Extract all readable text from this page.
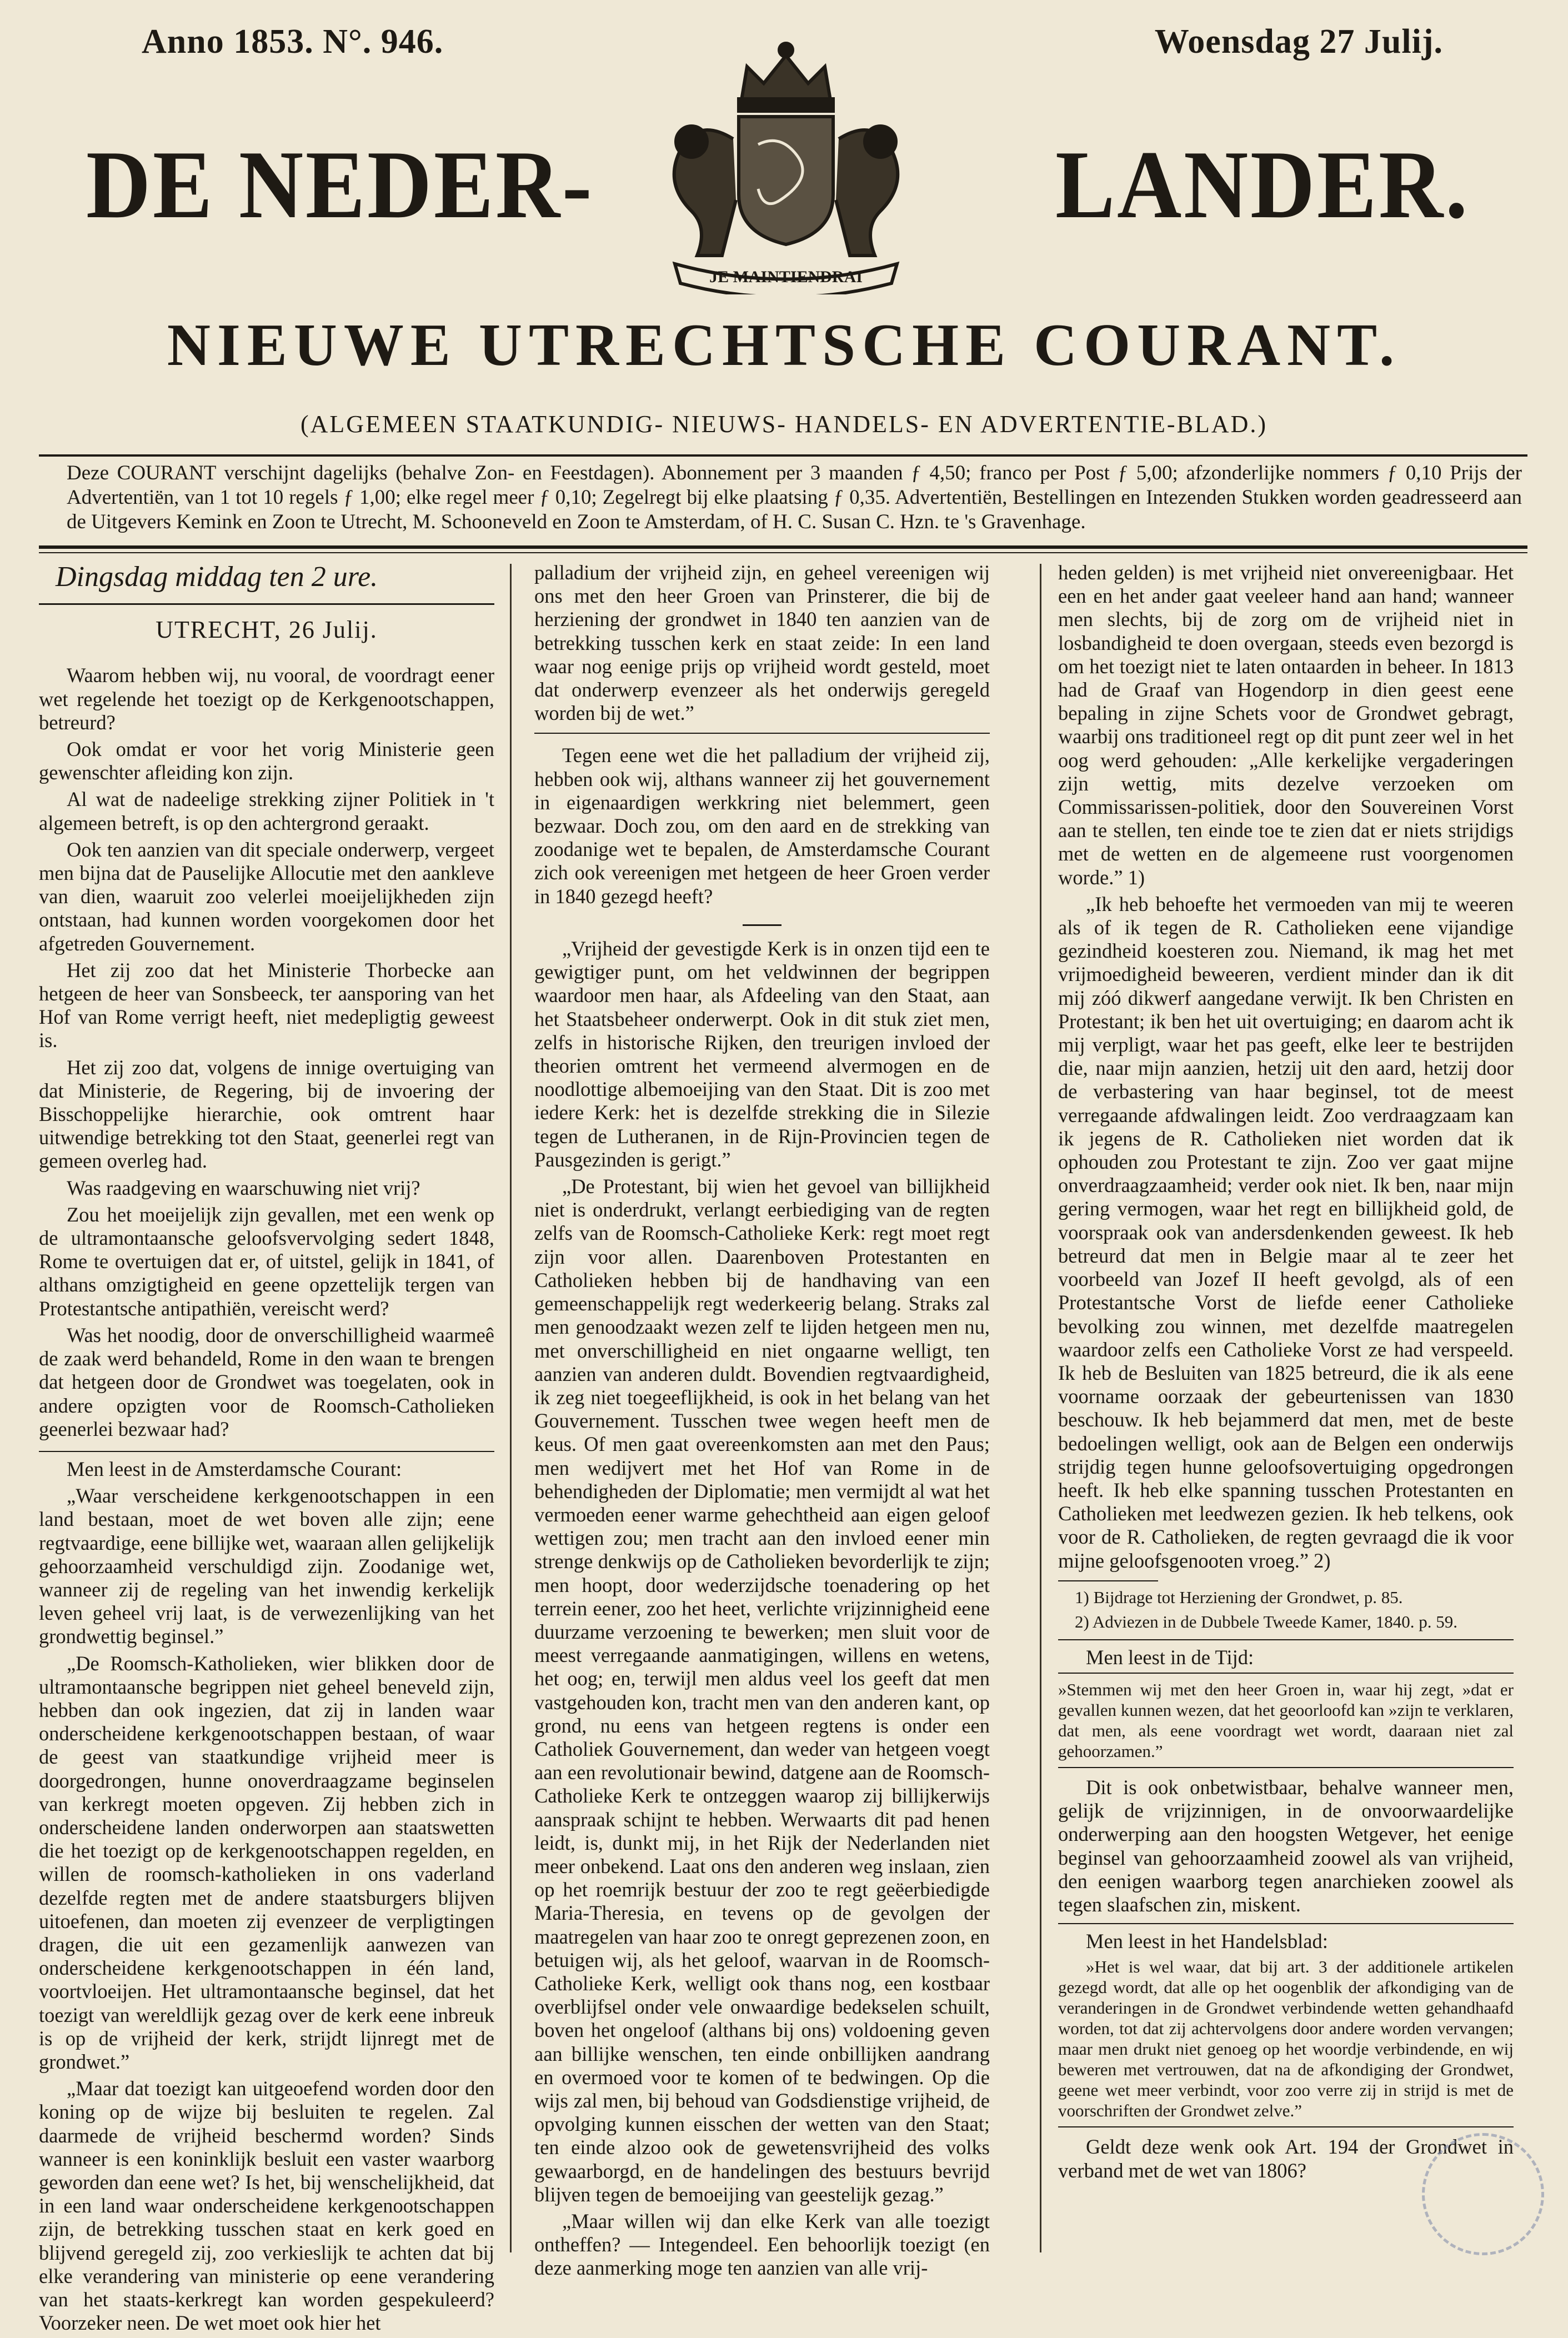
Anno 1853. N°. 946.	Woensdag 27 Julij.
DE NEDER-
JE MAINTIENDRAI
LANDER.
NIEUWE UTRECHTSCHE COURANT.
(ALGEMEEN STAATKUNDIG- NIEUWS- HANDELS- EN ADVERTENTIE-BLAD.)
Deze COURANT verschijnt dagelijks (behalve Zon- en Feestdagen). Abonnement per 3 maanden ƒ 4,50; franco per Post ƒ 5,00; afzonderlijke nommers ƒ 0,10 Prijs der Advertentiën, van 1 tot 10 regels ƒ 1,00; elke regel meer ƒ 0,10; Zegelregt bij elke plaatsing ƒ 0,35. Advertentiën, Bestellingen en Intezenden Stukken worden geadresseerd aan de Uitgevers Kemink en Zoon te Utrecht, M. Schooneveld en Zoon te Amsterdam, of H. C. Susan C. Hzn. te 's Gravenhage.

Dingsdag middag ten 2 ure.

UTRECHT, 26 Julij.

Waarom hebben wij, nu vooral, de voordragt eener wet regelende het toezigt op de Kerkgenootschappen, betreurd?

Ook omdat er voor het vorig Ministerie geen gewenschter afleiding kon zijn.

Al wat de nadeelige strekking zijner Politiek in 't algemeen betreft, is op den achtergrond geraakt.

Ook ten aanzien van dit speciale onderwerp, vergeet men bijna dat de Pauselijke Allocutie met den aankleve van dien, waaruit zoo velerlei moeijelijkheden zijn ontstaan, had kunnen worden voorgekomen door het afgetreden Gouvernement.

Het zij zoo dat het Ministerie Thorbecke aan hetgeen de heer van Sonsbeeck, ter aansporing van het Hof van Rome verrigt heeft, niet medepligtig geweest is.

Het zij zoo dat, volgens de innige overtuiging van dat Ministerie, de Regering, bij de invoering der Bisschoppelijke hierarchie, ook omtrent haar uitwendige betrekking tot den Staat, geenerlei regt van gemeen overleg had.

Was raadgeving en waarschuwing niet vrij?

Zou het moeijelijk zijn gevallen, met een wenk op de ultramontaansche geloofsvervolging sedert 1848, Rome te overtuigen dat er, of uitstel, gelijk in 1841, of althans omzigtigheid en geene opzettelijk tergen van Protestantsche antipathiën, vereischt werd?

Was het noodig, door de onverschilligheid waarmeê de zaak werd behandeld, Rome in den waan te brengen dat hetgeen door de Grondwet was toegelaten, ook in andere opzigten voor de Roomsch-Catholieken geenerlei bezwaar had?

Men leest in de Amsterdamsche Courant:

„Waar verscheidene kerkgenootschappen in een land bestaan, moet de wet boven alle zijn; eene regtvaardige, eene billijke wet, waaraan allen gelijkelijk gehoorzaamheid verschuldigd zijn. Zoodanige wet, wanneer zij de regeling van het inwendig kerkelijk leven geheel vrij laat, is de verwezenlijking van het grondwettig beginsel.”

„De Roomsch-Katholieken, wier blikken door de ultramontaansche begrippen niet geheel beneveld zijn, hebben dan ook ingezien, dat zij in landen waar onderscheidene kerkgenootschappen bestaan, of waar de geest van staatkundige vrijheid meer is doorgedrongen, hunne onoverdraagzame beginselen van kerkregt moeten opgeven. Zij hebben zich in onderscheidene landen onderworpen aan staatswetten die het toezigt op de kerkgenootschappen regelden, en willen de roomsch-katholieken in ons vaderland dezelfde regten met de andere staatsburgers blijven uitoefenen, dan moeten zij evenzeer de verpligtingen dragen, die uit een gezamenlijk aanwezen van onderscheidene kerkgenootschappen in één land, voortvloeijen. Het ultramontaansche beginsel, dat het toezigt van wereldlijk gezag over de kerk eene inbreuk is op de vrijheid der kerk, strijdt lijnregt met de grondwet.”

„Maar dat toezigt kan uitgeoefend worden door den koning op de wijze bij besluiten te regelen. Zal daarmede de vrijheid beschermd worden? Sinds wanneer is een koninklijk besluit een vaster waarborg geworden dan eene wet? Is het, bij wenschelijkheid, dat in een land waar onderscheidene kerkgenootschappen zijn, de betrekking tusschen staat en kerk goed en blijvend geregeld zij, zoo verkieslijk te achten dat bij elke verandering van ministerie op eene verandering van het staats-kerkregt kan worden gespekuleerd? Voorzeker neen. De wet moet ook hier het

palladium der vrijheid zijn, en geheel vereenigen wij ons met den heer Groen van Prinsterer, die bij de herziening der grondwet in 1840 ten aanzien van de betrekking tusschen kerk en staat zeide: In een land waar nog eenige prijs op vrijheid wordt gesteld, moet dat onderwerp evenzeer als het onderwijs geregeld worden bij de wet.”

Tegen eene wet die het palladium der vrijheid zij, hebben ook wij, althans wanneer zij het gouvernement in eigenaardigen werkkring niet belemmert, geen bezwaar. Doch zou, om den aard en de strekking van zoodanige wet te bepalen, de Amsterdamsche Courant zich ook vereenigen met hetgeen de heer Groen verder in 1840 gezegd heeft?

„Vrijheid der gevestigde Kerk is in onzen tijd een te gewigtiger punt, om het veldwinnen der begrippen waardoor men haar, als Afdeeling van den Staat, aan het Staatsbeheer onderwerpt. Ook in dit stuk ziet men, zelfs in historische Rijken, den treurigen invloed der theorien omtrent het vermeend alvermogen en de noodlottige albemoeijing van den Staat. Dit is zoo met iedere Kerk: het is dezelfde strekking die in Silezie tegen de Lutheranen, in de Rijn-Provincien tegen de Pausgezinden is gerigt.”

„De Protestant, bij wien het gevoel van billijkheid niet is onderdrukt, verlangt eerbiediging van de regten zelfs van de Roomsch-Catholieke Kerk: regt moet regt zijn voor allen. Daarenboven Protestanten en Catholieken hebben bij de handhaving van een gemeenschappelijk regt wederkeerig belang. Straks zal men genoodzaakt wezen zelf te lijden hetgeen men nu, met onverschilligheid en niet ongaarne welligt, ten aanzien van anderen duldt. Bovendien regtvaardigheid, ik zeg niet toegeeflijkheid, is ook in het belang van het Gouvernement. Tusschen twee wegen heeft men de keus. Of men gaat overeenkomsten aan met den Paus; men wedijvert met het Hof van Rome in de behendigheden der Diplomatie; men vermijdt al wat het vermoeden eener warme gehechtheid aan eigen geloof wettigen zou; men tracht aan den invloed eener min strenge denkwijs op de Catholieken bevorderlijk te zijn; men hoopt, door wederzijdsche toenadering op het terrein eener, zoo het heet, verlichte vrijzinnigheid eene duurzame verzoening te bewerken; men sluit voor de meest verregaande aanmatigingen, willens en wetens, het oog; en, terwijl men aldus veel los geeft dat men vastgehouden kon, tracht men van den anderen kant, op grond, nu eens van hetgeen regtens is onder een Catholiek Gouvernement, dan weder van hetgeen voegt aan een revolutionair bewind, datgene aan de Roomsch-Catholieke Kerk te ontzeggen waarop zij billijkerwijs aanspraak schijnt te hebben. Werwaarts dit pad henen leidt, is, dunkt mij, in het Rijk der Nederlanden niet meer onbekend. Laat ons den anderen weg inslaan, zien op het roemrijk bestuur der zoo te regt geëerbiedigde Maria-Theresia, en tevens op de gevolgen der maatregelen van haar zoo te onregt geprezenen zoon, en betuigen wij, als het geloof, waarvan in de Roomsch-Catholieke Kerk, welligt ook thans nog, een kostbaar overblijfsel onder vele onwaardige bedekselen schuilt, boven het ongeloof (althans bij ons) voldoening geven aan billijke wenschen, ten einde onbillijken aandrang en overmoed voor te komen of te bedwingen. Op die wijs zal men, bij behoud van Godsdienstige vrijheid, de opvolging kunnen eisschen der wetten van den Staat; ten einde alzoo ook de gewetensvrijheid des volks gewaarborgd, en de handelingen des bestuurs bevrijd blijven tegen de bemoeijing van geestelijk gezag.”

„Maar willen wij dan elke Kerk van alle toezigt ontheffen? — Integendeel. Een behoorlijk toezigt (en deze aanmerking moge ten aanzien van alle vrij-

heden gelden) is met vrijheid niet onvereenigbaar. Het een en het ander gaat veeleer hand aan hand; wanneer men slechts, bij de zorg om de vrijheid niet in losbandigheid te doen overgaan, steeds even bezorgd is om het toezigt niet te laten ontaarden in beheer. In 1813 had de Graaf van Hogendorp in dien geest eene bepaling in zijne Schets voor de Grondwet gebragt, waarbij ons traditioneel regt op dit punt zeer wel in het oog werd gehouden: „Alle kerkelijke vergaderingen zijn wettig, mits dezelve verzoeken om Commissarissen-politiek, door den Souvereinen Vorst aan te stellen, ten einde toe te zien dat er niets strijdigs met de wetten en de algemeene rust voorgenomen worde.” 1)

„Ik heb behoefte het vermoeden van mij te weeren als of ik tegen de R. Catholieken eene vijandige gezindheid koesteren zou. Niemand, ik mag het met vrijmoedigheid beweeren, verdient minder dan ik dit mij zóó dikwerf aangedane verwijt. Ik ben Christen en Protestant; ik ben het uit overtuiging; en daarom acht ik mij verpligt, waar het pas geeft, elke leer te bestrijden die, naar mijn aanzien, hetzij uit den aard, hetzij door de verbastering van haar beginsel, tot de meest verregaande afdwalingen leidt. Zoo verdraagzaam kan ik jegens de R. Catholieken niet worden dat ik ophouden zou Protestant te zijn. Zoo ver gaat mijne onverdraagzaamheid; verder ook niet. Ik ben, naar mijn gering vermogen, waar het regt en billijkheid gold, de voorspraak ook van andersdenkenden geweest. Ik heb betreurd dat men in Belgie maar al te zeer het voorbeeld van Jozef II heeft gevolgd, als of een Protestantsche Vorst de liefde eener Catholieke bevolking zou winnen, met dezelfde maatregelen waardoor zelfs een Catholieke Vorst ze had verspeeld. Ik heb de Besluiten van 1825 betreurd, die ik als eene voorname oorzaak der gebeurtenissen van 1830 beschouw. Ik heb bejammerd dat men, met de beste bedoelingen welligt, ook aan de Belgen een onderwijs strijdig tegen hunne geloofsovertuiging opgedrongen heeft. Ik heb elke spanning tusschen Protestanten en Catholieken met leedwezen gezien. Ik heb telkens, ook voor de R. Catholieken, de regten gevraagd die ik voor mijne geloofsgenooten vroeg.” 2)

1) Bijdrage tot Herziening der Grondwet, p. 85.

2) Adviezen in de Dubbele Tweede Kamer, 1840. p. 59.

Men leest in de Tijd:

»Stemmen wij met den heer Groen in, waar hij zegt, »dat er gevallen kunnen wezen, dat het geoorloofd kan »zijn te verklaren, dat men, als eene voordragt wet wordt, daaraan niet zal gehoorzamen.”

Dit is ook onbetwistbaar, behalve wanneer men, gelijk de vrijzinnigen, in de onvoorwaardelijke onderwerping aan den hoogsten Wetgever, het eenige beginsel van gehoorzaamheid zoowel als van vrijheid, den eenigen waarborg tegen anarchieken zoowel als tegen slaafschen zin, miskent.

Men leest in het Handelsblad:

»Het is wel waar, dat bij art. 3 der additionele artikelen gezegd wordt, dat alle op het oogenblik der afkondiging van de veranderingen in de Grondwet verbindende wetten gehandhaafd worden, tot dat zij achtervolgens door andere worden vervangen; maar men drukt niet genoeg op het woordje verbindende, en wij beweren met vertrouwen, dat na de afkondiging der Grondwet, geene wet meer verbindt, voor zoo verre zij in strijd is met de voorschriften der Grondwet zelve.”

Geldt deze wenk ook Art. 194 der Grondwet in verband met de wet van 1806?
